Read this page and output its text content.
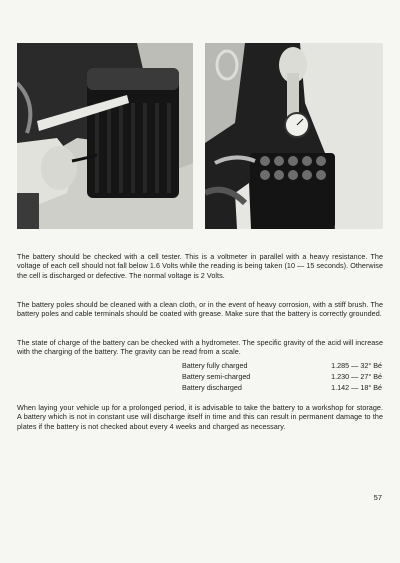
The battery should be checked with a cell tester. This is a voltmeter in parallel with a heavy resistance. The voltage of each cell should not fall below 1.6 Volts while the reading is being taken (10 — 15 seconds). Otherwise the cell is discharged or defective. The normal voltage is 2 Volts.

The battery poles should be cleaned with a clean cloth, or in the event of heavy corrosion, with a stiff brush. The battery poles and cable terminals should be coated with grease. Make sure that the battery is correctly grounded.

The state of charge of the battery can be checked with a hydrometer. The specific gravity of the acid will increase with the charging of the battery. The gravity can be read from a scale.

Battery fully charged	1.285 — 32° Bé
Battery semi-charged	1.230 — 27° Bé
Battery discharged	1.142 — 18° Bé

When laying your vehicle up for a prolonged period, it is advisable to take the battery to a workshop for storage. A battery which is not in constant use will discharge itself in time and this can result in permanent damage to the plates if the battery is not checked about every 4 weeks and charged as necessary.

57
